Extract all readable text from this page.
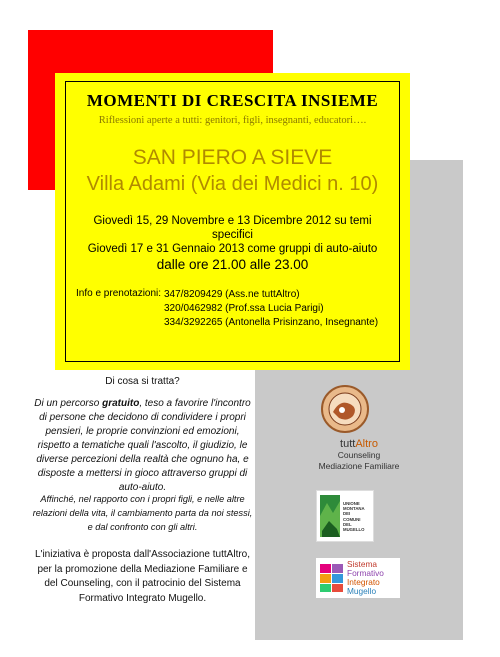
MOMENTI DI CRESCITA INSIEME
Riflessioni aperte a tutti: genitori, figli, insegnanti, educatori….
SAN PIERO A SIEVE
Villa Adami (Via dei Medici n. 10)
Giovedì 15, 29 Novembre e 13 Dicembre 2012 su temi specifici
Giovedì 17 e 31 Gennaio 2013 come gruppi di auto-aiuto
dalle ore 21.00 alle 23.00
Info e prenotazioni: 347/8209429 (Ass.ne tuttAltro)
320/0462982 (Prof.ssa Lucia Parigi)
334/3292265 (Antonella Prisinzano, Insegnante)
Di cosa si tratta?
Di un percorso gratuito, teso a favorire l'incontro di persone che decidono di condividere i propri pensieri, le proprie convinzioni ed emozioni, rispetto a tematiche quali l'ascolto, il giudizio, le diverse percezioni della realtà che ognuno ha, e disposte a mettersi in gioco attraverso gruppi di auto-aiuto.
Affinché, nel rapporto con i propri figli, e nelle altre relazioni della vita, il cambiamento parta da noi stessi, e dal confronto con gli altri.
L'iniziativa è proposta dall'Associazione tuttAltro, per la promozione della Mediazione Familiare e del Counseling, con il patrocinio del Sistema Formativo Integrato Mugello.
tuttAltro
Counseling
Mediazione Familiare
UNIONE
MONTANA
DEI
COMUNI
DEL
MUGELLO
Sistema
Formativo
Integrato
Mugello
